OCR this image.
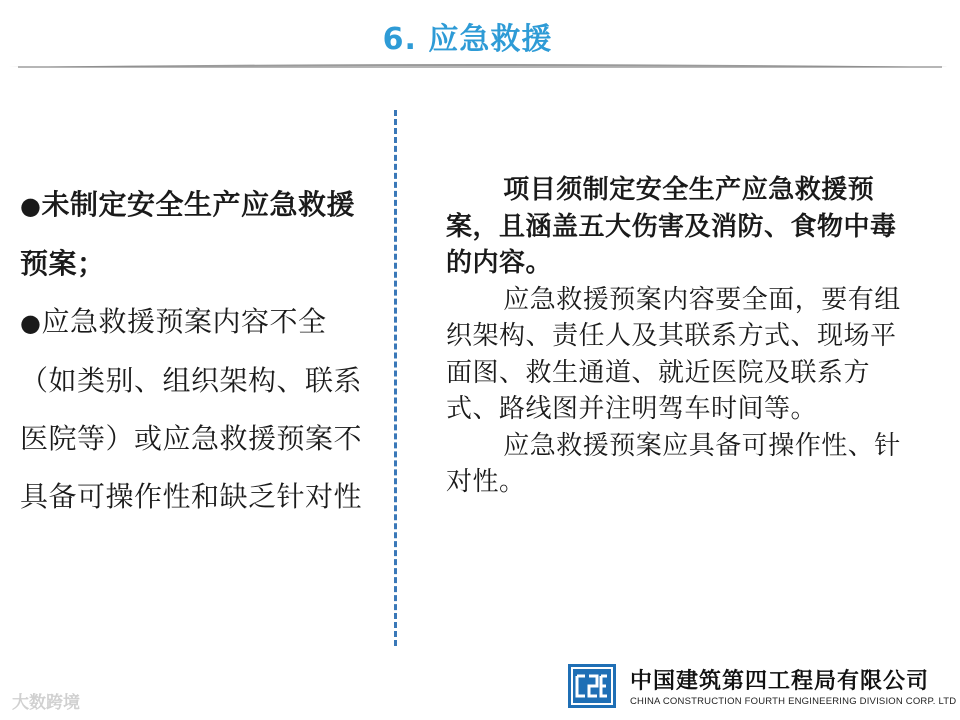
6. 应急救援
●未制定安全生产应急救援预案；
●应急救援预案内容不全（如类别、组织架构、联系医院等）或应急救援预案不具备可操作性和缺乏针对性

项目须制定安全生产应急救援预案，且涵盖五大伤害及消防、食物中毒的内容。

应急救援预案内容要全面，要有组织架构、责任人及其联系方式、现场平面图、救生通道、就近医院及联系方式、路线图并注明驾车时间等。

应急救援预案应具备可操作性、针对性。

中国建筑第四工程局有限公司
CHINA CONSTRUCTION FOURTH ENGINEERING DIVISION CORP. LTD
大数跨境
